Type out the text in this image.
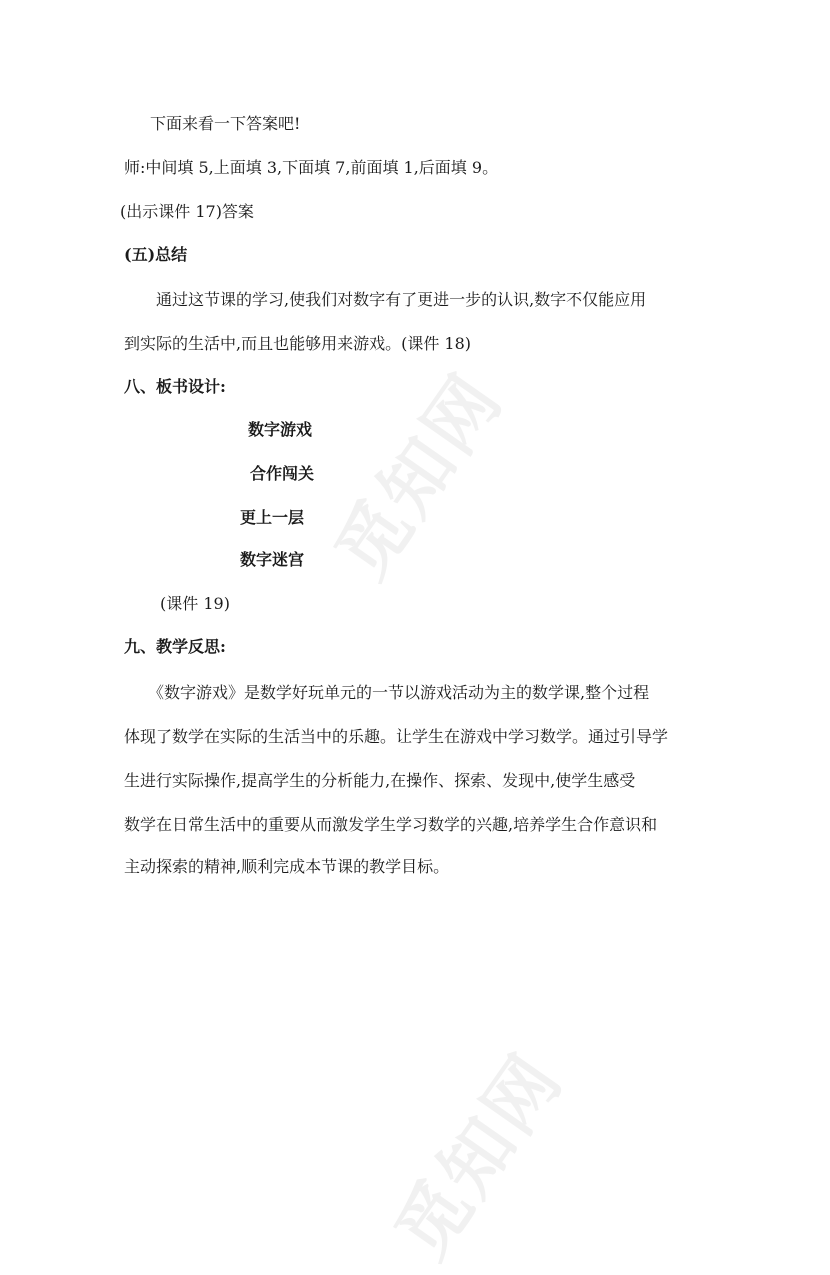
觅知网
觅知网
下面来看一下答案吧!
师:中间填 5,上面填 3,下面填 7,前面填 1,后面填 9。
(出示课件 17)答案
(五)总结
通过这节课的学习,使我们对数字有了更进一步的认识,数字不仅能应用
到实际的生活中,而且也能够用来游戏。(课件 18)
八、板书设计:
数字游戏
合作闯关
更上一层
数字迷宫
(课件 19)
九、教学反思:
《数字游戏》是数学好玩单元的一节以游戏活动为主的数学课,整个过程
体现了数学在实际的生活当中的乐趣。让学生在游戏中学习数学。通过引导学
生进行实际操作,提高学生的分析能力,在操作、探索、发现中,使学生感受
数学在日常生活中的重要从而激发学生学习数学的兴趣,培养学生合作意识和
主动探索的精神,顺利完成本节课的教学目标。
